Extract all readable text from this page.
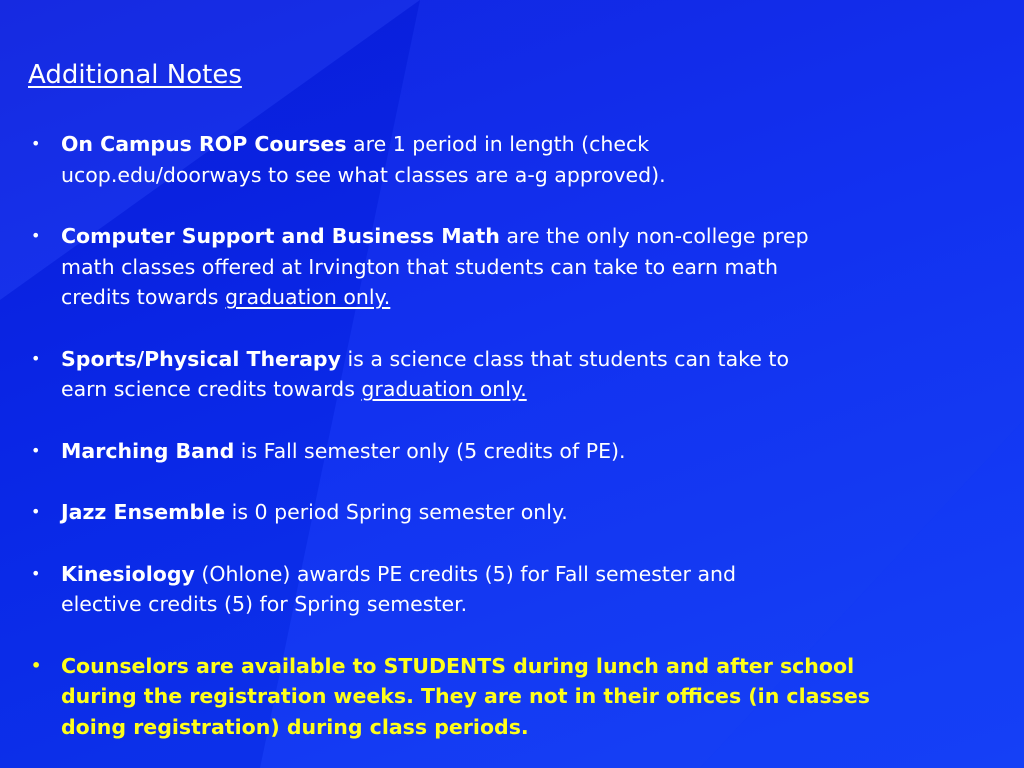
Additional Notes
• On Campus ROP Courses are 1 period in length (check
ucop.edu/doorways to see what classes are a-g approved).
• Computer Support and Business Math are the only non-college prep
math classes offered at Irvington that students can take to earn math
credits towards graduation only.
• Sports/Physical Therapy is a science class that students can take to
earn science credits towards graduation only.
• Marching Band is Fall semester only (5 credits of PE).
• Jazz Ensemble is 0 period Spring semester only.
• Kinesiology (Ohlone) awards PE credits (5) for Fall semester and
elective credits (5) for Spring semester.
• Counselors are available to STUDENTS during lunch and after school
during the registration weeks. They are not in their offices (in classes
doing registration) during class periods.
